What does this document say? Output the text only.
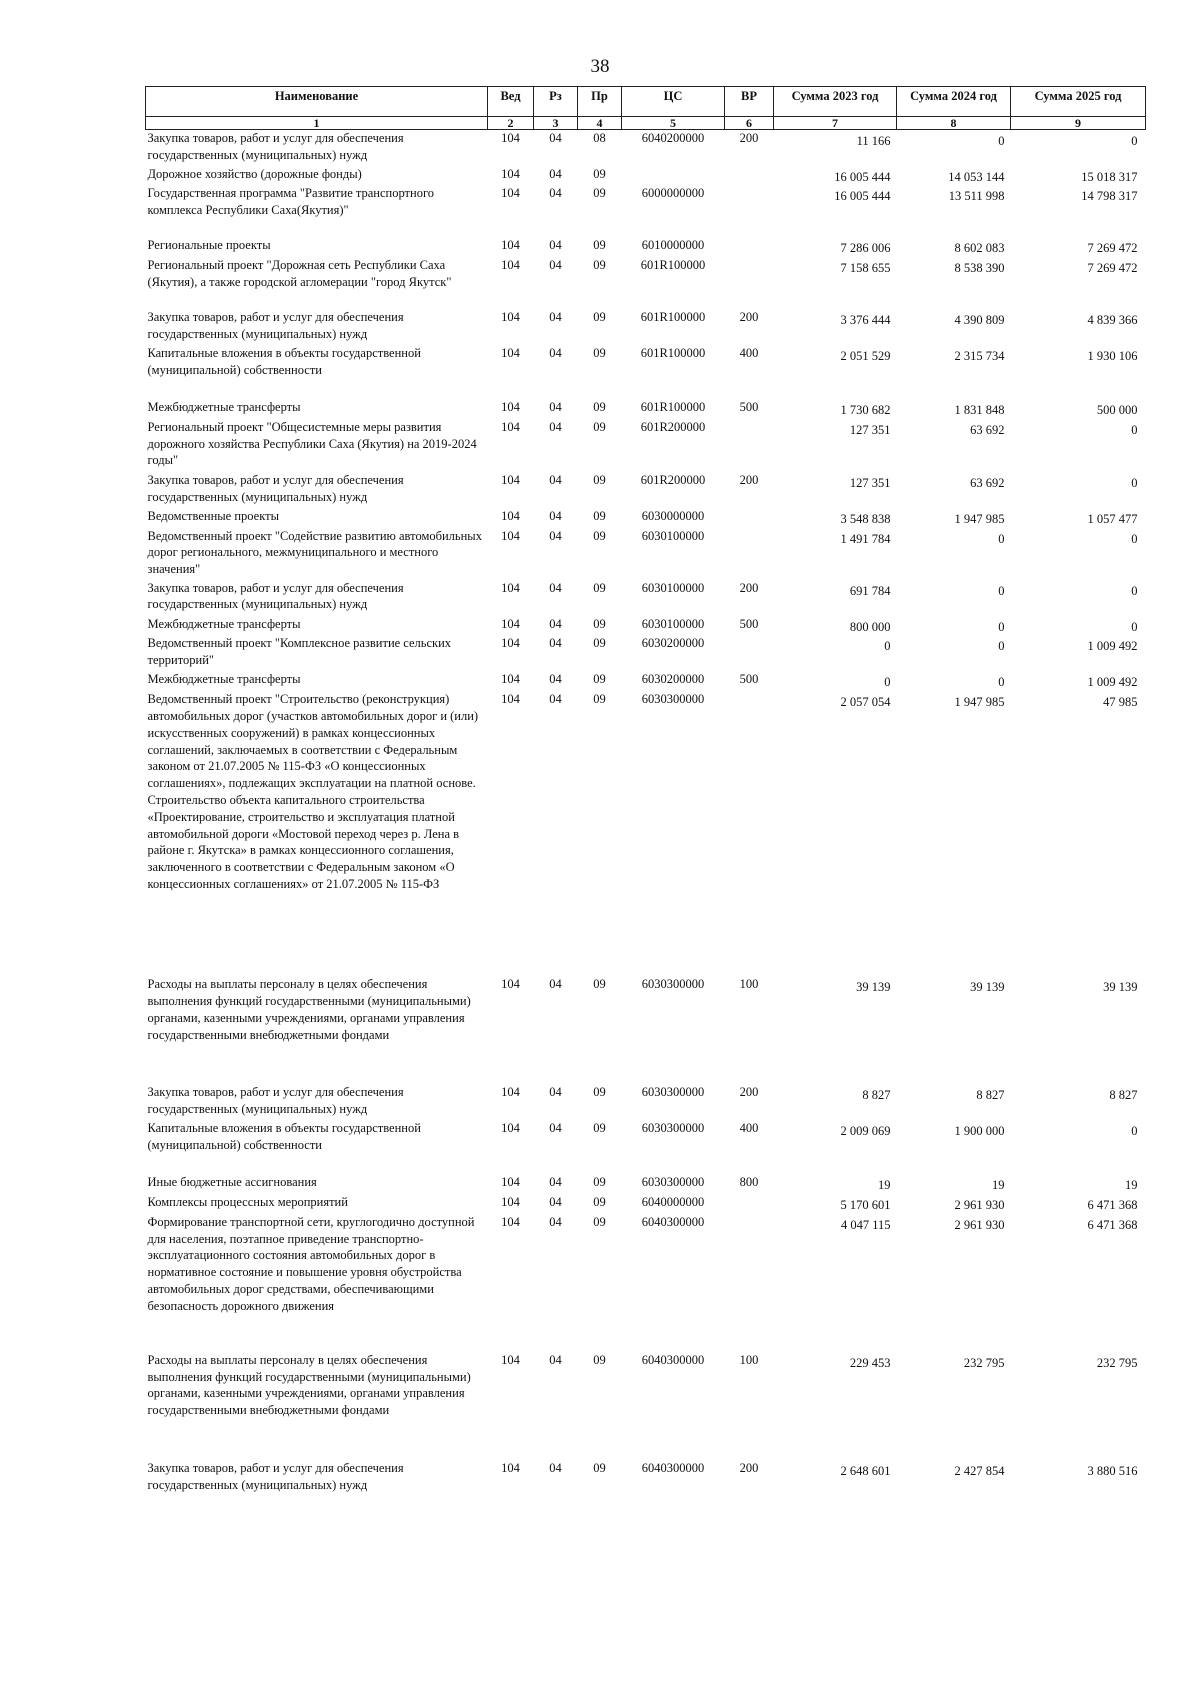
38
Наименование	Вед	Рз	Пр	ЦС	ВР	Сумма 2023 год	Сумма 2024 год	Сумма 2025 год
1	2	3	4	5	6	7	8	9
Закупка товаров, работ и услуг для обеспечения государственных (муниципальных) нужд	104	04	08	6040200000	200	11 166	0	0
Дорожное хозяйство (дорожные фонды)	104	04	09			16 005 444	14 053 144	15 018 317
Государственная программа "Развитие транспортного комплекса Республики Саха(Якутия)"	104	04	09	6000000000		16 005 444	13 511 998	14 798 317
Региональные проекты	104	04	09	6010000000		7 286 006	8 602 083	7 269 472
Региональный проект "Дорожная сеть Республики Саха (Якутия), а также городской агломерации "город Якутск"	104	04	09	601R100000		7 158 655	8 538 390	7 269 472
Закупка товаров, работ и услуг для обеспечения государственных (муниципальных) нужд	104	04	09	601R100000	200	3 376 444	4 390 809	4 839 366
Капитальные вложения в объекты государственной (муниципальной) собственности	104	04	09	601R100000	400	2 051 529	2 315 734	1 930 106
Межбюджетные трансферты	104	04	09	601R100000	500	1 730 682	1 831 848	500 000
Региональный проект "Общесистемные меры развития дорожного хозяйства Республики Саха (Якутия) на 2019-2024 годы"	104	04	09	601R200000		127 351	63 692	0
Закупка товаров, работ и услуг для обеспечения государственных (муниципальных) нужд	104	04	09	601R200000	200	127 351	63 692	0
Ведомственные проекты	104	04	09	6030000000		3 548 838	1 947 985	1 057 477
Ведомственный проект "Содействие развитию автомобильных дорог регионального, межмуниципального и местного значения"	104	04	09	6030100000		1 491 784	0	0
Закупка товаров, работ и услуг для обеспечения государственных (муниципальных) нужд	104	04	09	6030100000	200	691 784	0	0
Межбюджетные трансферты	104	04	09	6030100000	500	800 000	0	0
Ведомственный проект "Комплексное развитие сельских территорий"	104	04	09	6030200000		0	0	1 009 492
Межбюджетные трансферты	104	04	09	6030200000	500	0	0	1 009 492
Ведомственный проект "Строительство (реконструкция) автомобильных дорог (участков автомобильных дорог и (или) искусственных сооружений) в рамках концессионных соглашений, заключаемых в соответствии с Федеральным законом от 21.07.2005 № 115-ФЗ «О концессионных соглашениях», подлежащих эксплуатации на платной основе. Строительство объекта капитального строительства «Проектирование, строительство и эксплуатация платной автомобильной дороги «Мостовой переход через р. Лена в районе г. Якутска» в рамках концессионного соглашения, заключенного в соответствии с Федеральным законом «О концессионных соглашениях» от 21.07.2005 № 115-ФЗ	104	04	09	6030300000		2 057 054	1 947 985	47 985
Расходы на выплаты персоналу в целях обеспечения выполнения функций государственными (муниципальными) органами, казенными учреждениями, органами управления государственными внебюджетными фондами	104	04	09	6030300000	100	39 139	39 139	39 139
Закупка товаров, работ и услуг для обеспечения государственных (муниципальных) нужд	104	04	09	6030300000	200	8 827	8 827	8 827
Капитальные вложения в объекты государственной (муниципальной) собственности	104	04	09	6030300000	400	2 009 069	1 900 000	0
Иные бюджетные ассигнования	104	04	09	6030300000	800	19	19	19
Комплексы процессных мероприятий	104	04	09	6040000000		5 170 601	2 961 930	6 471 368
Формирование транспортной сети, круглогодично доступной для населения, поэтапное приведение транспортно-эксплуатационного состояния автомобильных дорог в нормативное состояние и повышение уровня обустройства автомобильных дорог средствами, обеспечивающими безопасность дорожного движения	104	04	09	6040300000		4 047 115	2 961 930	6 471 368
Расходы на выплаты персоналу в целях обеспечения выполнения функций государственными (муниципальными) органами, казенными учреждениями, органами управления государственными внебюджетными фондами	104	04	09	6040300000	100	229 453	232 795	232 795
Закупка товаров, работ и услуг для обеспечения государственных (муниципальных) нужд	104	04	09	6040300000	200	2 648 601	2 427 854	3 880 516
